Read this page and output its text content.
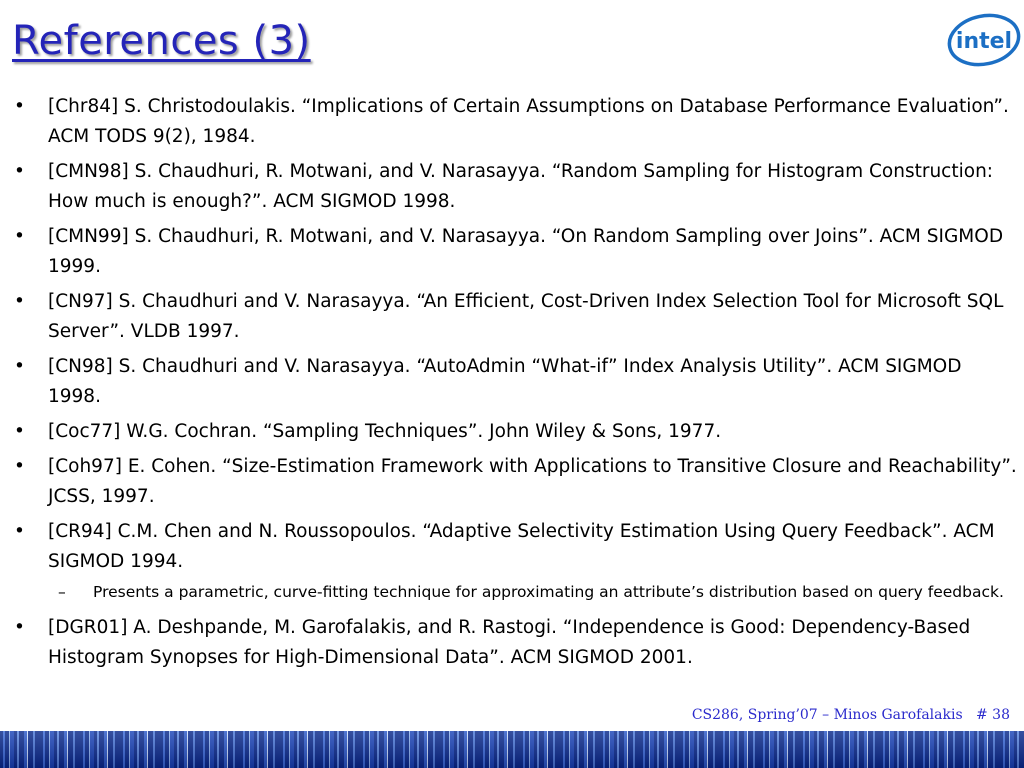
References (3)	intel
• [Chr84] S. Christodoulakis. “Implications of Certain Assumptions on Database Performance Evaluation”. ACM TODS 9(2), 1984.
• [CMN98] S. Chaudhuri, R. Motwani, and V. Narasayya. “Random Sampling for Histogram Construction: How much is enough?”. ACM SIGMOD 1998.
• [CMN99] S. Chaudhuri, R. Motwani, and V. Narasayya. “On Random Sampling over Joins”. ACM SIGMOD 1999.
• [CN97] S. Chaudhuri and V. Narasayya. “An Efficient, Cost-Driven Index Selection Tool for Microsoft SQL Server”. VLDB 1997.
• [CN98] S. Chaudhuri and V. Narasayya. “AutoAdmin “What-if” Index Analysis Utility”. ACM SIGMOD 1998.
• [Coc77] W.G. Cochran. “Sampling Techniques”. John Wiley & Sons, 1977.
• [Coh97] E. Cohen. “Size-Estimation Framework with Applications to Transitive Closure and Reachability”. JCSS, 1997.
• [CR94] C.M. Chen and N. Roussopoulos. “Adaptive Selectivity Estimation Using Query Feedback”. ACM SIGMOD 1994.
– Presents a parametric, curve-fitting technique for approximating an attribute’s distribution based on query feedback.
• [DGR01] A. Deshpande, M. Garofalakis, and R. Rastogi. “Independence is Good: Dependency-Based Histogram Synopses for High-Dimensional Data”. ACM SIGMOD 2001.
CS286, Spring’07 – Minos Garofalakis   # 38
